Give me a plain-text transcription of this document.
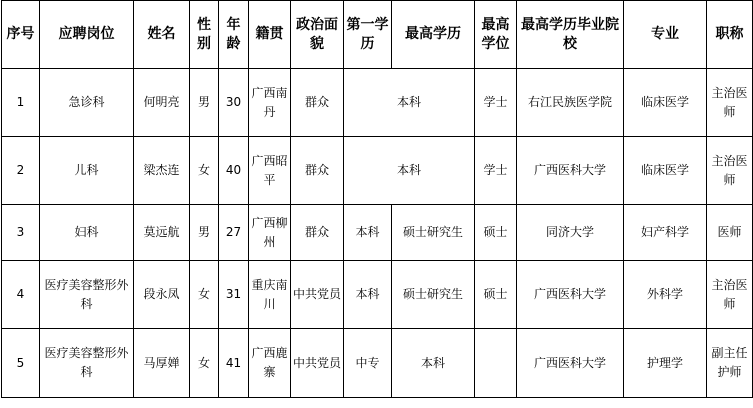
序号	应聘岗位	姓名	性别	年龄	籍贯	政治面貌	第一学历	最高学历	最高学位	最高学历毕业院校	专业	职称
1	急诊科	何明亮	男	30	广西南丹	群众	本科		学士	右江民族医学院	临床医学	主治医师
2	儿科	梁杰连	女	40	广西昭平	群众	本科		学士	广西医科大学	临床医学	主治医师
3	妇科	莫远航	男	27	广西柳州	群众	本科	硕士研究生	硕士	同济大学	妇产科学	医师
4	医疗美容整形外科	段永凤	女	31	重庆南川	中共党员	本科	硕士研究生	硕士	广西医科大学	外科学	主治医师
5	医疗美容整形外科	马厚婵	女	41	广西鹿寨	中共党员	中专	本科		广西医科大学	护理学	副主任护师
